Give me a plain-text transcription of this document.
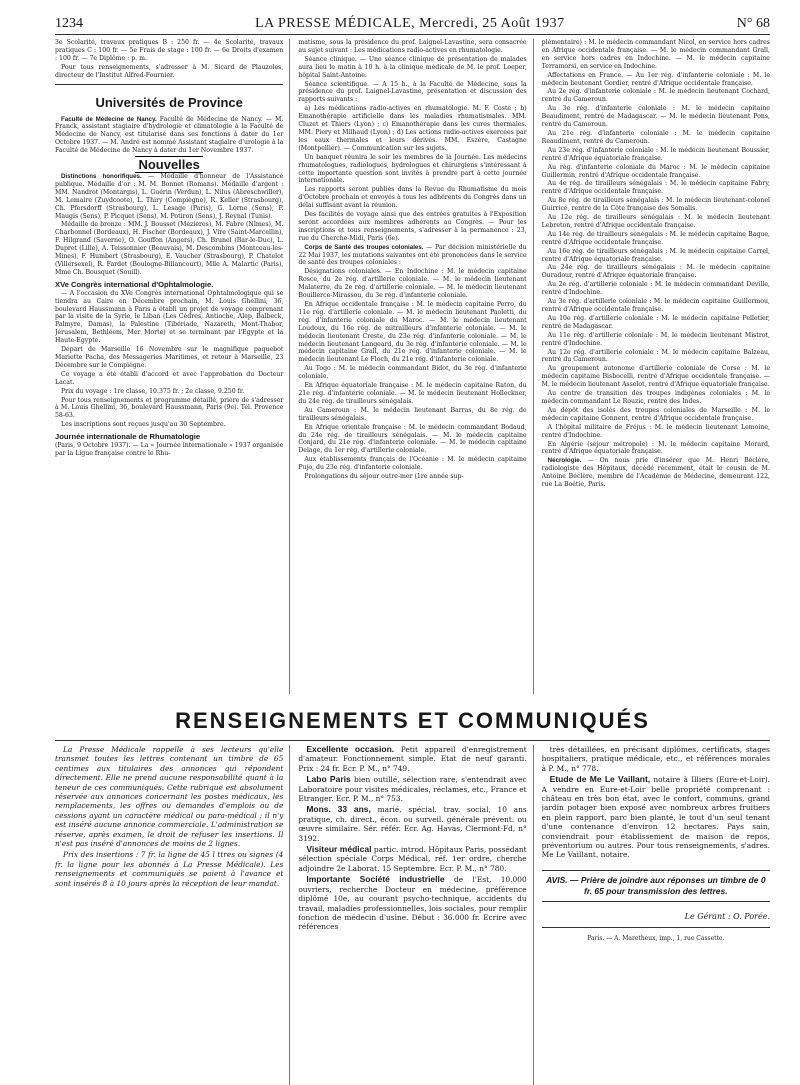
1234	LA PRESSE MÉDICALE, Mercredi, 25 Août 1937	N° 68

3e Scolarité, travaux pratiques B : 250 fr. — 4e Scolarité, travaux pratiques C : 100 fr. — 5e Frais de stage : 100 fr. — 6e Droits d'examen : 100 fr. — 7e Diplôme : p. m.

Pour tous renseignements, s'adresser à M. Sicard de Plauzoles, directeur de l'Institut Alfred-Fournier.

Universités de Province

Faculté de Médecine de Nancy. Faculté de Médecine de Nancy. — M. Franck, assistant stagiaire d'hydrologie et climatologie à la Faculté de Médecine de Nancy, est titularisé dans ses fonctions à dater du 1er Octobre 1937. — M. André est nommé Assistant stagiaire d'urologie à la Faculté de Médecine de Nancy à dater du 1er Novembre 1937.

Nouvelles

Distinctions honorifiques. — Médaille d'honneur de l'Assistance publique. Médaille d'or : M. M. Bonnet (Romans). Médaille d'argent : MM. Nandrot (Montargis), L. Guérin (Verdun), L. Nilus (Abreschwiller), M. Lemaire (Zuydcoote), L. Thiry (Compiègne), R. Keller (Strasbourg), Ch. Pfersdorff (Strasbourg), L. Lesage (Paris), G. Lorne (Sens), P. Maugis (Sens), P. Picquet (Sens), M. Potiron (Sens), J. Reynal (Tunis).

Médaille de bronze : MM. J. Bousset (Mézières), M. Fabre (Nîmes), M. Charbonnel (Bordeaux), H. Fischer (Bordeaux), J. Vire (Saint-Marcellin), F. Hilgrand (Saverne), O. Gouffon (Angers), Ch. Brunel (Bar-le-Duc), L. Dupret (Lille), A. Teissonnier (Beauvais), M. Descombins (Montceau-les-Mines), F. Humbert (Strasbourg), E. Vaucher (Strasbourg), P. Chatelot (Villersexel), R. Fardet (Boulogne-Billancourt), Mlle A. Malartic (Paris), Mme Ch. Bousquet (Souill).

XVe Congrès international d'Ophtalmologie.

— A l'occasion du XVe Congrès international Ophtalmologique qui se tiendra au Caire en Décembre prochain, M. Louis Ghellini, 36, boulevard Haussmann à Paris a établi un projet de voyage comprenant par la visite de la Syrie, le Liban (Les Cèdres, Antioche, Alep, Balbeck, Palmyre, Damas), la Palestine (Tibériade, Nazareth, Mont-Thabor, Jérusalem, Bethléem, Mer Morte) et se terminant par l'Egypte et la Haute-Egypte.

Départ de Marseille 16 Novembre sur le magnifique paquebot Mariette Pacha, des Messageries Maritimes, et retour à Marseille, 23 Décembre sur le Compiègne.

Ce voyage a été établi d'accord et avec l'approbation du Docteur Lacat.

Prix du voyage : 1re classe, 10.375 fr. ; 2e classe, 9.250 fr.

Pour tous renseignements et programme détaillé, prière de s'adresser à M. Louis Ghellini, 36, boulevard Haussmann, Paris (9e). Tél. Provence 58-63.

Les inscriptions sont reçues jusqu'au 30 Septembre.

Journée internationale de Rhumatologie

(Paris, 9 Octobre 1937). — La « Journée internationale » 1937 organisée par la Ligue française contre le Rhu-

matisme, sous la présidence du prof. Laignel-Lavastine, sera consacrée au sujet suivant : Les médications radio-actives en rhumatologie.

Séance clinique. — Une séance clinique de présentation de malades aura lieu le matin à 10 h. à la clinique médicale de M. le prof. Loeper, hôpital Saint-Antoine.

Séance scientifique. — A 15 h., à la Faculté de Médecine, sous la présidence du prof. Laignel-Lavastine, présentation et discussion des rapports suivants :

a) Les médications radio-actives en rhumatologie. M. F. Coste ; b) Emanothérapie artificielle dans les maladies rhumatismales. MM. Cluzet et Thiers (Lyon) ; c) Emanothérapie dans les cures thermales. MM. Piery et Milhaud (Lyon) ; d) Les actions radio-actives exercées par les eaux thermales et leurs dérivés. MM. Eszère, Castagne (Montpellier). — Communication sur les sujets.

Un banquet réunira le soir les membres de la Journée. Les médecins rhumatologues, radiologues, hydrologues et chirurgiens s'intéressant à cette importante question sont invités à prendre part à cette journée internationale.

Les rapports seront publiés dans la Revue du Rhumatisme du mois d'Octobre prochain et envoyés à tous les adhérents du Congrès dans un délai suffisant avant la réunion.

Des facilités de voyage ainsi que des entrées gratuites à l'Exposition seront accordées aux membres adhérents au Congrès. — Pour les inscriptions et tous renseignements, s'adresser à la permanence : 23, rue du Cherche-Midi, Paris (6e).

Corps de Santé des troupes coloniales. — Par décision ministérielle du 22 Mai 1937, les mutations suivantes ont été prononcées dans le service de santé des troupes coloniales :

Désignations coloniales. — En Indochine : M. le médecin capitaine Rosce, du 2e rég. d'artillerie coloniale. — M. le médecin lieutenant Malaterre, du 2e rég. d'artillerie coloniale. — M. le médecin lieutenant Bouillerce-Mirassou, du 3e rég. d'infanterie coloniale.

En Afrique occidentale française : M. le médecin capitaine Perro, du 11e rég. d'artillerie coloniale. — M. le médecin lieutenant Paoletti, du rég. d'infanterie coloniale du Maroc. — M. le médecin lieutenant Loudoux, du 16e rég. de mitrailleurs d'infanterie coloniale. — M. le médecin lieutenant Creste, du 23e rég. d'infanterie coloniale. — M. le médecin lieutenant Langeard, du 3e rég. d'infanterie coloniale. — M. le médecin capitaine Grall, du 21e rég. d'infanterie coloniale. — M. le médecin lieutenant Le Floch, du 21e rég. d'infanterie coloniale.

Au Togo : M. le médecin commandant Bidot, du 3e rég. d'infanterie coloniale.

En Afrique équatoriale française : M. le médecin capitaine Raton, du 21e rég. d'infanterie coloniale. — M. le médecin lieutenant Holleckner, du 24e rég. de tirailleurs sénégalais.

Au Cameroun : M. le médecin lieutenant Barras, du 8e rég. de tirailleurs sénégalais.

En Afrique orientale française : M. le médecin commandant Bodaud, du 24e rég. de tirailleurs sénégalais. — M. le médecin capitaine Conjard, du 21e rég. d'infanterie coloniale. — M. le médecin capitaine Delage, du 1er rég. d'artillerie coloniale.

Aux établissements français de l'Océanie : M. le médecin capitaine Pujo, du 23e rég. d'infanterie coloniale.

Prolongations du séjour outre-mer (1re année sup-

plémentaire) : M. le médecin commandant Nicol, en service hors cadres en Afrique occidentale française. — M. le médecin commandant Grall, en service hors cadres en Indochine. — M. le médecin capitaine Terramorsi, en service en Indochine.

Affectations en France. — Au 1er rég. d'infanterie coloniale : M. le médecin lieutenant Gordier, rentré d'Afrique occidentale française.

Au 2e rég. d'infanterie coloniale : M. le médecin lieutenant Cochard, rentré du Cameroun.

Au 3e rég. d'infanterie coloniale : M. le médecin capitaine Beaudiment, rentré de Madagascar. — M. le médecin lieutenant Pons, rentré du Cameroun.

Au 21e rég. d'infanterie coloniale : M. le médecin capitaine Reaudiment, rentré du Cameroun.

Au 23e rég. d'infanterie coloniale : M. le médecin lieutenant Boussier, rentré d'Afrique équatoriale française.

Au rég. d'infanterie coloniale du Maroc : M. le médecin capitaine Guillermin, rentré d'Afrique occidentale française.

Au 4e rég. de tirailleurs sénégalais : M. le médecin capitaine Fabry, rentré d'Afrique occidentale française.

Au 8e rég. de tirailleurs sénégalais : M. le médecin lieutenant-colonel Guirrice, rentré de la Côte française des Somalis.

Au 12e rég. de tirailleurs sénégalais : M. le médecin lieutenant Lebreton, rentré d'Afrique occidentale française.

Au 14e rég. de tirailleurs sénégalais : M. le médecin capitaine Baque, rentré d'Afrique occidentale française.

Au 16e rég. de tirailleurs sénégalais : M. le médecin capitaine Carrel, rentré d'Afrique équatoriale française.

Au 24e rég. de tirailleurs sénégalais : M. le médecin capitaine Ouradour, rentré d'Afrique équatoriale française.

Au 2e rég. d'artillerie coloniale : M. le médecin commandant Deville, rentré d'Indochine.

Au 3e rég. d'artillerie coloniale : M. le médecin capitaine Guillermou, rentré d'Afrique occidentale française.

Au 10e rég. d'artillerie coloniale : M. le médecin capitaine Pelletier, rentré de Madagascar.

Au 11e rég. d'artillerie coloniale : M. le médecin lieutenant Mistrot, rentré d'Indochine.

Au 12e rég. d'artillerie coloniale : M. le médecin capitaine Balzeau, rentré du Cameroun.

Au groupement autonome d'artillerie coloniale de Corse : M. le médecin capitaine Bisbocelli, rentré d'Afrique occidentale française. — M. le médecin lieutenant Asselot, rentré d'Afrique équatoriale française.

Au centre de transition des troupes indigènes coloniales : M. le médecin commandant Le Rouzic, rentré des Indes.

Au dépôt des isolés des troupes coloniales de Marseille : M. le médecin capitaine Gonnent, rentré d'Afrique occidentale française.

A l'hôpital militaire de Fréjus : M. le médecin lieutenant Lemoine, rentré d'Indochine.

En Algérie (séjour métropole) : M. le médecin capitaine Morard, rentré d'Afrique équatoriale française.

Nécrologie. — On nous prie d'insérer que M. Henri Béclère, radiologiste des Hôpitaux, décédé récemment, était le cousin de M. Antoine Béclère, membre de l'Académie de Médecine, demeurant 122, rue La Boétie, Paris.

RENSEIGNEMENTS ET COMMUNIQUÉS

La Presse Médicale rappelle à ses lecteurs qu'elle transmet toutes les lettres contenant un timbre de 65 centimes aux titulaires des annonces qui répondent directement. Elle ne prend aucune responsabilité quant à la teneur de ces communiqués. Cette rubrique est absolument réservée aux annonces concernant les postes médicaux, les remplacements, les offres ou demandes d'emplois ou de cessions ayant un caractère médical ou para-médical ; il n'y est inséré aucune annonce commerciale. L'administration se réserve, après examen, le droit de refuser les insertions. Il n'est pas inséré d'annonces de moins de 2 lignes.

Prix des insertions : 7 fr. la ligne de 45 l ttres ou signes (4 fr. la ligne pour les abonnés à La Presse Médicale). Les renseignements et communiqués se paient à l'avance et sont insérés 8 à 10 jours après la réception de leur mandat.

Excellente occasion. Petit appareil d'enregistrement d'amateur. Fonctionnement simple. Etat de neuf garanti. Prix : 24 fr. Ecr. P. M., n° 749.

Labo Paris bien outillé, sélection rare, s'entendrait avec Laboratoire pour visites médicales, réclames, etc., France et Etranger. Ecr. P. M., n° 753.

Mons. 33 ans, marié, spécial. trav. social, 10 ans pratique, ch. direct., écon. ou surveil. générale prévent. ou œuvre similaire. Sér. référ. Ecr. Ag. Havas, Clermont-Fd, n° 3192.

Visiteur médical partic. introd. Hôpitaux Paris, possédant sélection spéciale Corps Médical, réf. 1er ordre, cherche adjoindre 2e Laborat. 15 Septembre. Ecr. P. M., n° 780.

Importante Société industrielle de l'Est, 10.000 ouvriers, recherche Docteur en médecine, préférence diplômé 10e, au courant psycho-technique, accidents du travail, maladies professionnelles, lois sociales, pour remplir fonction de médecin d'usine. Début : 36.000 fr. Ecrire avec références

très détaillées, en précisant diplômes, certificats, stages hospitaliers, pratique médicale, etc., et références morales à P. M., n° 778.

Etude de Me Le Vaillant, notaire à Illiers (Eure-et-Loir). A vendre en Eure-et-Loir belle propriété comprenant : château en très bon état, avec le confort, communs, grand jardin potager bien exposé avec nombreux arbres fruitiers en plein rapport, parc bien planté, le tout d'un seul tenant d'une contenance d'environ 12 hectares. Pays sain, conviendrait pour établissement de maison de repos, préventorium ou autres. Pour tous renseignements, s'adres. Me Le Vaillant, notaire.

AVIS. — Prière de joindre aux réponses un timbre de 0 fr. 65 pour transmission des lettres.
Le Gérant : O. Porée.
Paris. — A. Maretheux, imp., 1, rue Cassette.
